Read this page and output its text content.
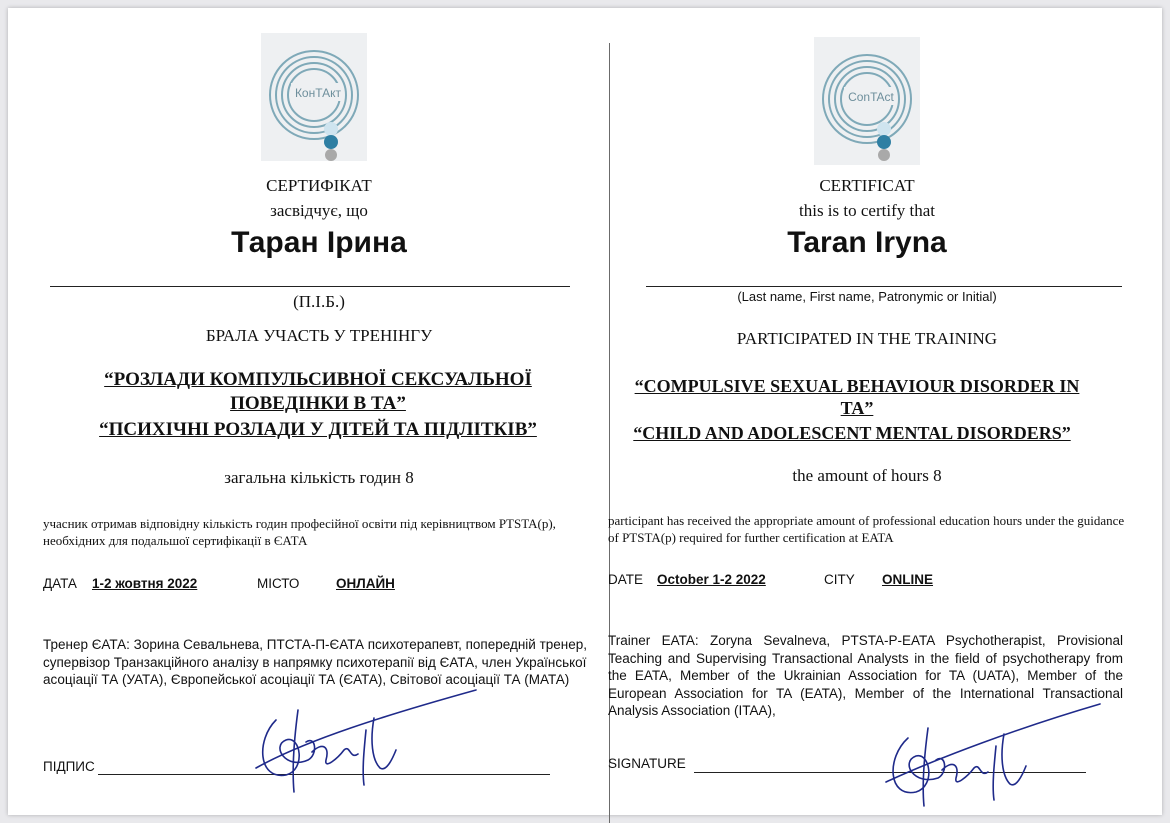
КонТАкт
СЕРТИФІКАТ
засвідчує, що
Таран Ірина
(П.І.Б.)
БРАЛА УЧАСТЬ У ТРЕНІНГУ
“РОЗЛАДИ КОМПУЛЬСИВНОЇ СЕКСУАЛЬНОЇ ПОВЕДІНКИ В ТА”
“ПСИХІЧНІ РОЗЛАДИ У ДІТЕЙ ТА ПІДЛІТКІВ”
загальна кількість годин 8
учасник отримав відповідну кількість годин професійної освіти під керівництвом PTSTA(p), необхідних для подальшої сертифікації в ЄАТА
ДАТА 1-2 жовтня 2022	МІСТО	ОНЛАЙН
Тренер ЄАТА: Зорина Севальнева, ПТСТА-П-ЄАТА психотерапевт, попередній тренер, супервізор Транзакційного аналізу в напрямку психотерапії від ЄАТА, член Української асоціації ТА (УАТА), Європейської асоціації ТА (ЄАТА), Світової асоціації ТА (МАТА)
ПІДПИС
ConTAct
CERTIFICAT
this is to certify that
Taran Iryna
(Last name, First name, Patronymic or Initial)
PARTICIPATED IN THE TRAINING
“COMPULSIVE SEXUAL BEHAVIOUR DISORDER IN TA”
“CHILD AND ADOLESCENT MENTAL DISORDERS”
the amount of hours 8
participant has received the appropriate amount of professional education hours under the guidance of PTSTA(p) required for further certification at EATA
DATE October 1-2 2022	CITY ONLINE
Trainer EATA: Zoryna Sevalneva, PTSTA-P-EATA Psychotherapist, Provisional Teaching and Supervising Transactional Analysts in the field of psychotherapy from the EATA, Member of the Ukrainian Association for TA (UATA), Member of the European Association for TA (EATA), Member of the International Transactional Analysis Association (ITAA),
SIGNATURE
